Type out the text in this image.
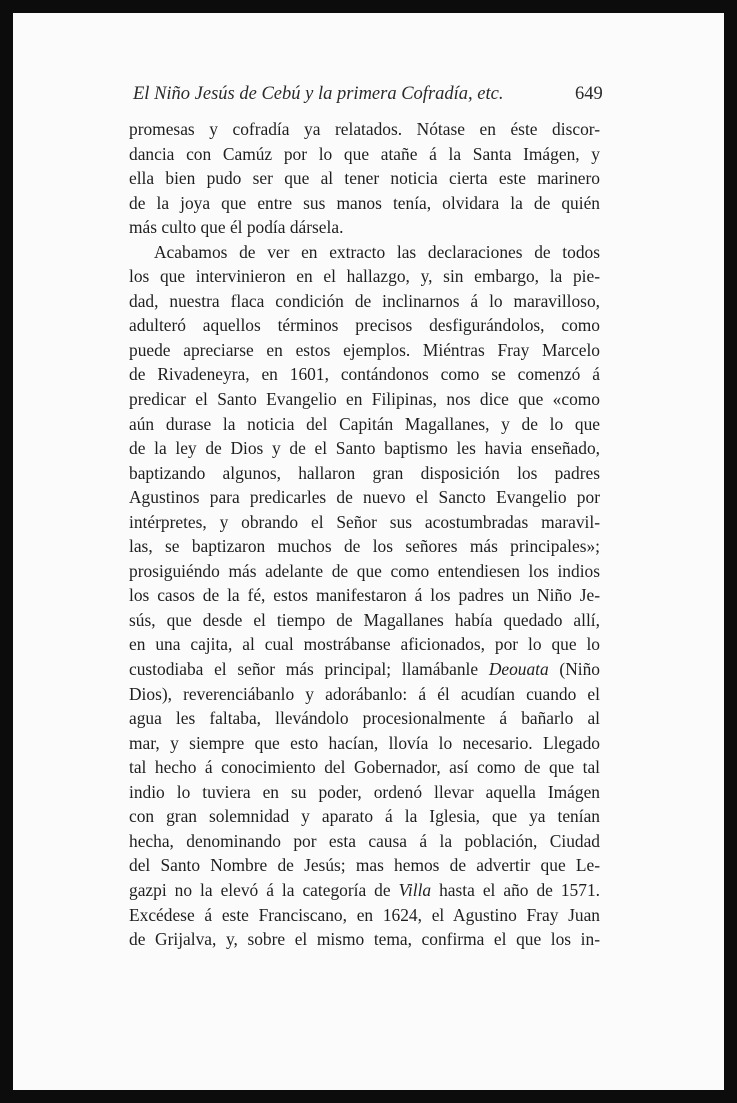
El Niño Jesús de Cebú y la primera Cofradía, etc.	649
promesas y cofradía ya relatados. Nótase en éste discor-
dancia con Camúz por lo que atañe á la Santa Imágen, y
ella bien pudo ser que al tener noticia cierta este marinero
de la joya que entre sus manos tenía, olvidara la de quién
más culto que él podía dársela.
Acabamos de ver en extracto las declaraciones de todos
los que intervinieron en el hallazgo, y, sin embargo, la pie-
dad, nuestra flaca condición de inclinarnos á lo maravilloso,
adulteró aquellos términos precisos desfigurándolos, como
puede apreciarse en estos ejemplos. Miéntras Fray Marcelo
de Rivadeneyra, en 1601, contándonos como se comenzó á
predicar el Santo Evangelio en Filipinas, nos dice que «como
aún durase la noticia del Capitán Magallanes, y de lo que
de la ley de Dios y de el Santo baptismo les havia enseñado,
baptizando algunos, hallaron gran disposición los padres
Agustinos para predicarles de nuevo el Sancto Evangelio por
intérpretes, y obrando el Señor sus acostumbradas maravil-
las, se baptizaron muchos de los señores más principales»;
prosiguiéndo más adelante de que como entendiesen los indios
los casos de la fé, estos manifestaron á los padres un Niño Je-
sús, que desde el tiempo de Magallanes había quedado allí,
en una cajita, al cual mostrábanse aficionados, por lo que lo
custodiaba el señor más principal; llamábanle Deouata (Niño
Dios), reverenciábanlo y adorábanlo: á él acudían cuando el
agua les faltaba, llevándolo procesionalmente á bañarlo al
mar, y siempre que esto hacían, llovía lo necesario. Llegado
tal hecho á conocimiento del Gobernador, así como de que tal
indio lo tuviera en su poder, ordenó llevar aquella Imágen
con gran solemnidad y aparato á la Iglesia, que ya tenían
hecha, denominando por esta causa á la población, Ciudad
del Santo Nombre de Jesús; mas hemos de advertir que Le-
gazpi no la elevó á la categoría de Villa hasta el año de 1571.
Excédese á este Franciscano, en 1624, el Agustino Fray Juan
de Grijalva, y, sobre el mismo tema, confirma el que los in-
